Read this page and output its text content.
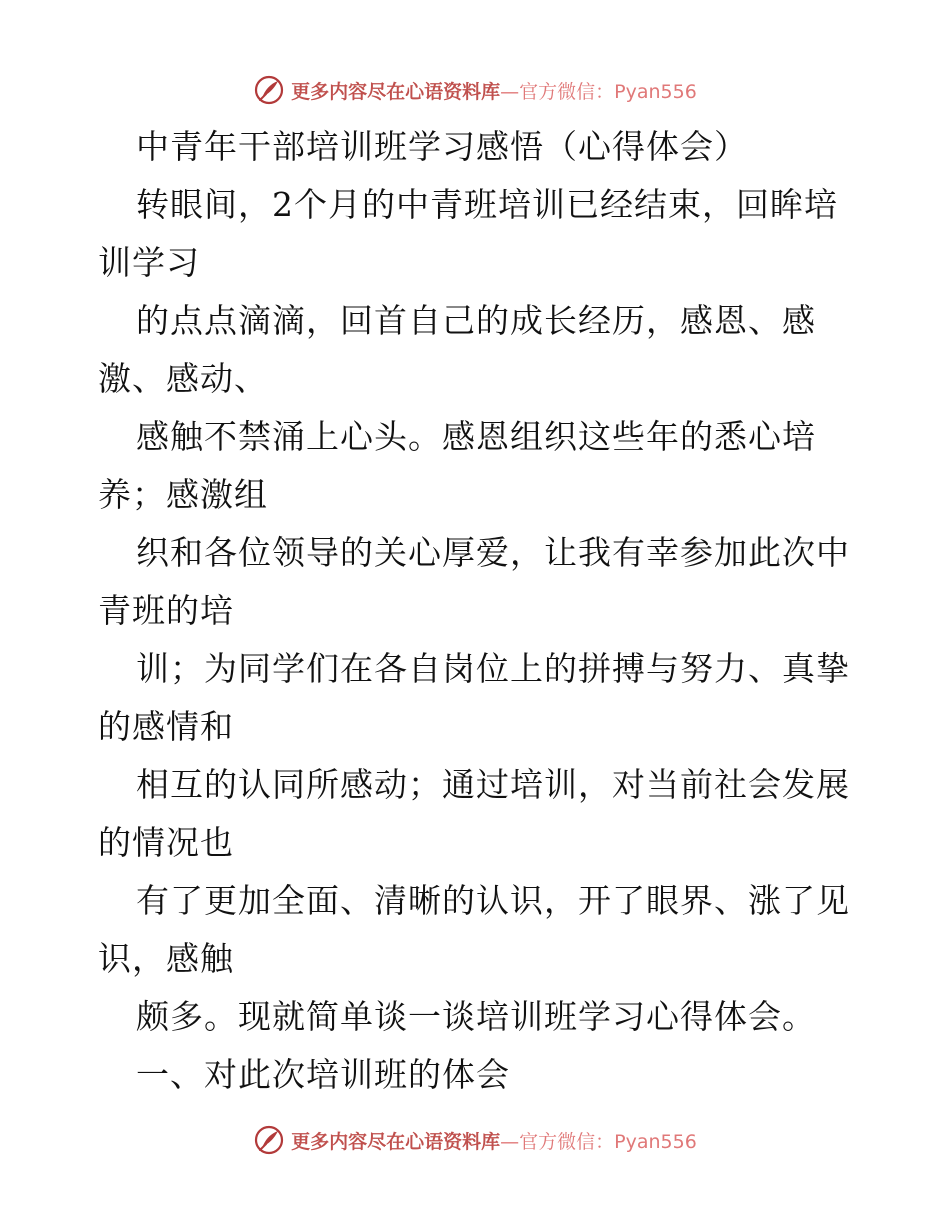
更多内容尽在心语资料库 —官方微信：Pyan556
中青年干部培训班学习感悟（心得体会）
转眼间，2个月的中青班培训已经结束，回眸培
训学习
的点点滴滴，回首自己的成长经历，感恩、感
激、感动、
感触不禁涌上心头。感恩组织这些年的悉心培
养；感激组
织和各位领导的关心厚爱，让我有幸参加此次中
青班的培
训；为同学们在各自岗位上的拼搏与努力、真挚
的感情和
相互的认同所感动；通过培训，对当前社会发展
的情况也
有了更加全面、清晰的认识，开了眼界、涨了见
识，感触
颇多。现就简单谈一谈培训班学习心得体会。
一、对此次培训班的体会
更多内容尽在心语资料库 —官方微信：Pyan556
